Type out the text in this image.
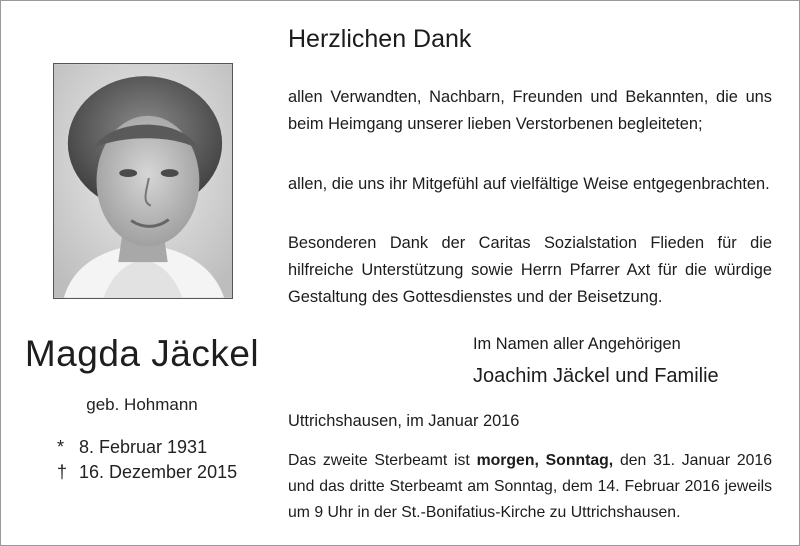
Magda Jäckel
geb. Hohmann
* 8. Februar 1931
† 16. Dezember 2015
Herzlichen Dank

allen Verwandten, Nachbarn, Freunden und Bekannten, die uns beim Heimgang unserer lieben Verstorbenen begleiteten;

allen, die uns ihr Mitgefühl auf vielfältige Weise entgegenbrachten.

Besonderen Dank der Caritas Sozialstation Flieden für die hilfreiche Unterstützung sowie Herrn Pfarrer Axt für die würdige Gestaltung des Gottesdienstes und der Beisetzung.

Im Namen aller Angehörigen
Joachim Jäckel und Familie
Uttrichshausen, im Januar 2016

Das zweite Sterbeamt ist morgen, Sonntag, den 31. Januar 2016 und das dritte Sterbeamt am Sonntag, dem 14. Februar 2016 jeweils um 9 Uhr in der St.-Bonifatius-Kirche zu Uttrichshausen.
